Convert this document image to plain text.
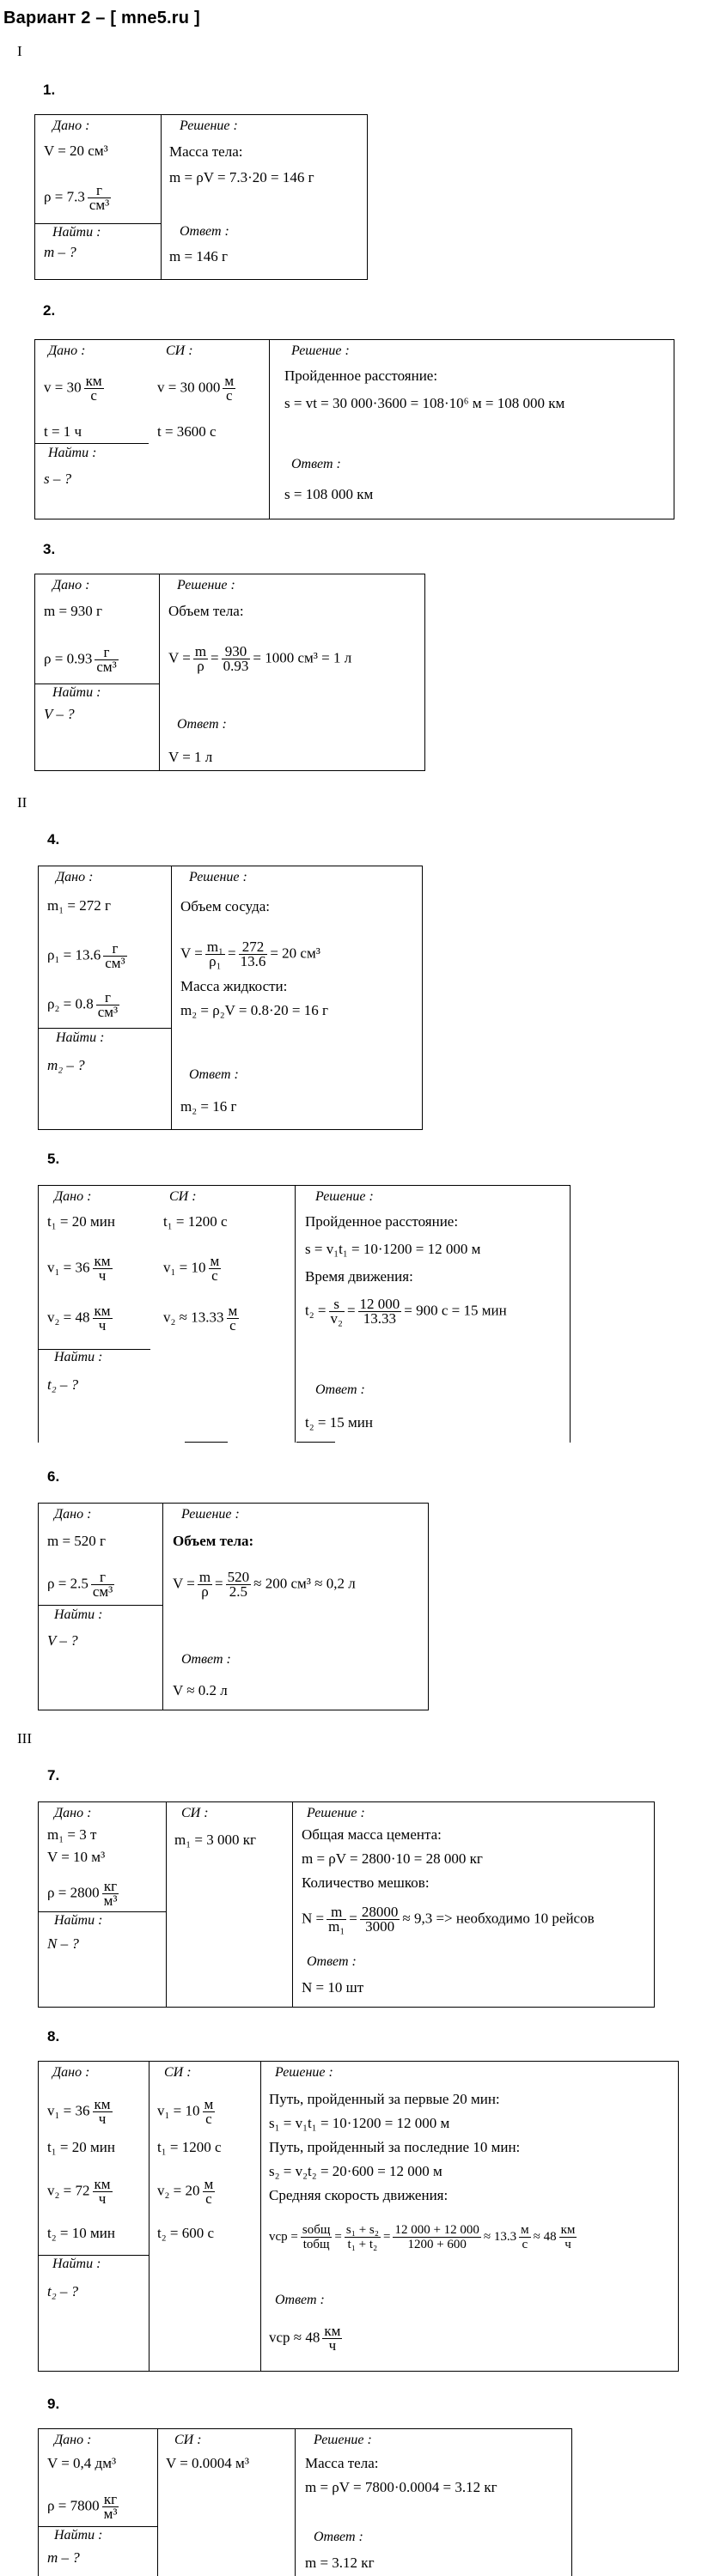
Вариант 2 – [ mne5.ru ]
I
1.
Дано :
V = 20 см³
$\rho = 7.3 \frac{г}{\text{см³}}$
Найти :
m – ?
Решение :
Масса тела:
m = ρV = 7.3·20 = 146 г
Ответ :
m = 146 г
2.
Дано :
$v = 30 \frac{км}{с}$
t = 1 ч
Найти :
s – ?
СИ :
v = 30 $000 \frac{м}{с}$
t = 3600 с
Решение :
Пройденное расстояние:
s = vt = 30 000·3600 = 108·10⁶ м = 108 000 км
Ответ :
s = 108 000 км
3.
Дано :
m = 930 г
$\rho = 0.93 \frac{г}{\text{см³}}$
Найти :
V – ?
Решение :
Объем тела:
$V = \frac{m}{\rho} = \frac{930}{0.93} = 1000$ см³ = 1 л
Ответ :
V = 1 л
II
4.
Дано :
m₁ = 272 г
$\rho_1 = 13.6 \frac{г}{\text{см³}}$
$\rho_2 = 0.8 \frac{г}{\text{см³}}$
Найти :
m₂ – ?
Решение :
Объем сосуда:
$V = \frac{\text{m₁}}{\text{ρ₁}} = \frac{272}{13.6} = 20$ см³
Масса жидкости:
m₂ = ρ₂V = 0.8·20 = 16 г
Ответ :
m₂ = 16 г
5.
Дано :
t₁ = 20 мин
$v_1 = 36 \frac{км}{ч}$
$v_2 = 48 \frac{км}{ч}$
Найти :
t₂ – ?
СИ :
t₁ = 1200 с
$v_1 = 10 \frac{м}{с}$
$v_2 \approx 13.33 \frac{м}{с}$
Решение :
Пройденное расстояние:
s = v₁t₁ = 10·1200 = 12 000 м
Время движения:
$t_2 = \frac{s}{\text{v₂}} = \frac{12 000}{13.33} = 900$ с = 15 мин
Ответ :
t₂ = 15 мин
6.
Дано :
m = 520 г
$\rho = 2.5 \frac{г}{\text{см³}}$
Найти :
V – ?
Решение :
Объем тела:
$V = \frac{m}{\rho} = \frac{520}{2.5} \approx 200$ см³ ≈ 0,2 л
Ответ :
V ≈ 0.2 л
III
7.
Дано :
m₁ = 3 т
V = 10 м³
$\rho = 2800 \frac{кг}{\text{м³}}$
Найти :
N – ?
СИ :
m₁ = 3 000 кг
Решение :
Общая масса цемента:
m = ρV = 2800·10 = 28 000 кг
Количество мешков:
$N = \frac{m}{\text{m₁}} = \frac{28000}{3000} \approx 9,3$ => необходимо 10 рейсов
Ответ :
N = 10 шт
8.
Дано :
$v_1 = 36 \frac{км}{ч}$
t₁ = 20 мин
$v_2 = 72 \frac{км}{ч}$
t₂ = 10 мин
Найти :
t₂ – ?
СИ :
$v_1 = 10 \frac{м}{с}$
t₁ = 1200 с
$v_2 = 20 \frac{м}{с}$
t₂ = 600 с
Решение :
Путь, пройденный за первые 20 мин:
s₁ = v₁t₁ = 10·1200 = 12 000 м
Путь, пройденный за последние 10 мин:
s₂ = v₂t₂ = 20·600 = 12 000 м
Средняя скорость движения:
vср = $\frac{\text{sобщ}}{\text{tобщ}} = \frac{\text{s₁ + s₂}}{\text{t₁ + t₂}} = \frac{12 000 + 12 000}{1200 + 600} \approx 13.3 \frac{м}{с} \approx 48 \frac{км}{ч}$
Ответ :
vср ≈ $48 \frac{км}{ч}$
9.
Дано :
V = 0,4 дм³
$\rho = 7800 \frac{кг}{\text{м³}}$
Найти :
m – ?
СИ :
V = 0.0004 м³
Решение :
Масса тела:
m = ρV = 7800·0.0004 = 3.12 кг
Ответ :
m = 3.12 кг
